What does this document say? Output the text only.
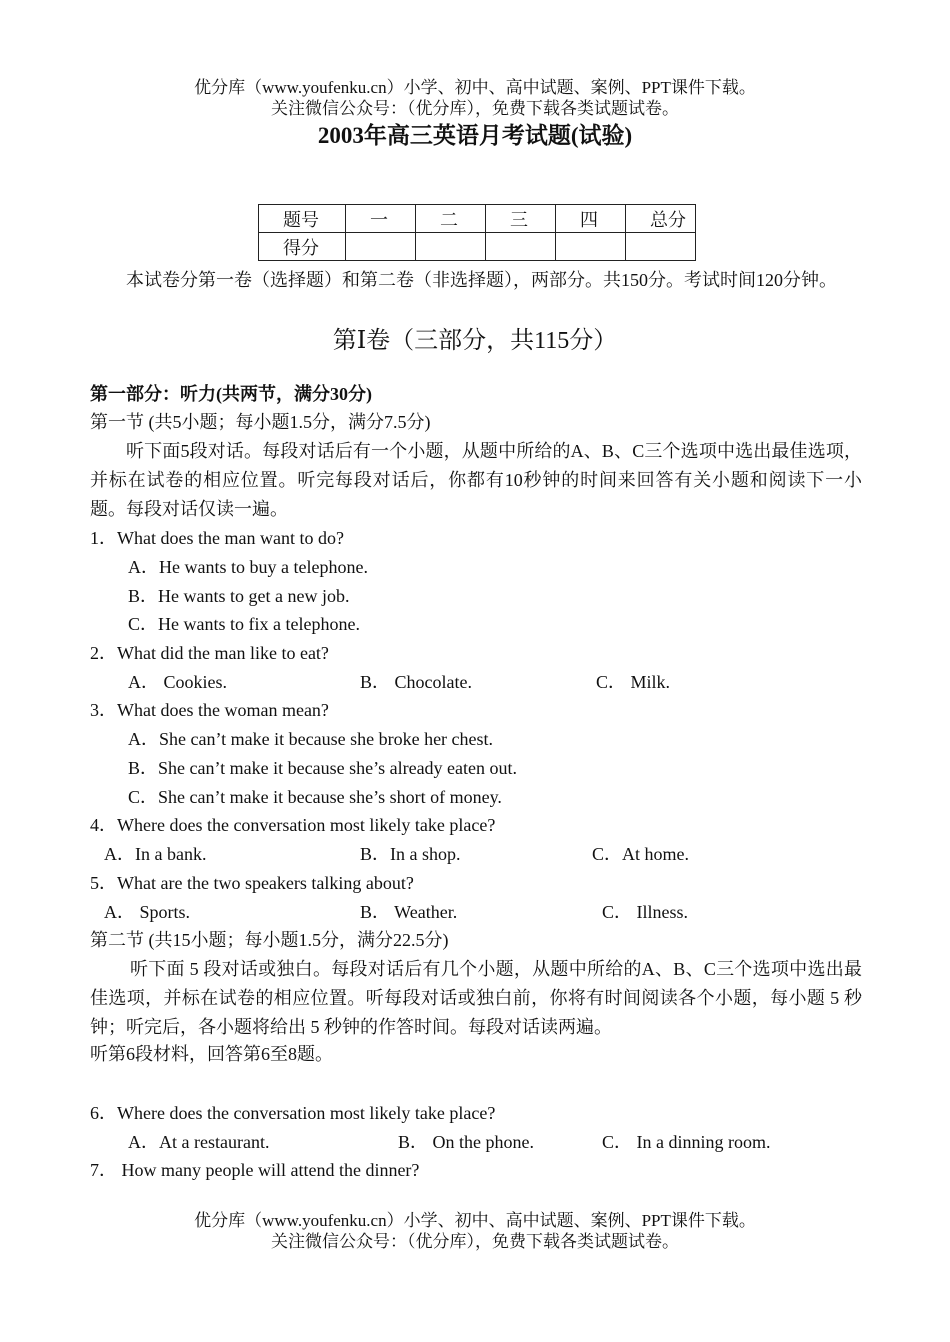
优分库（www.youfenku.cn）小学、初中、高中试题、案例、PPT课件下载。
关注微信公众号：（优分库），免费下载各类试题试卷。
2003年高三英语月考试题(试验)
题号	一	二	三	四	总分
得分					
本试卷分第一卷（选择题）和第二卷（非选择题），两部分。共150分。考试时间120分钟。
第Ⅰ卷（三部分，共115分）
第一部分：听力(共两节，满分30分)
第一节 (共5小题；每小题1.5分，满分7.5分)
听下面5段对话。每段对话后有一个小题，从题中所给的A、B、C三个选项中选出最佳选项，并标在试卷的相应位置。听完每段对话后，你都有10秒钟的时间来回答有关小题和阅读下一小题。每段对话仅读一遍。
1．What does the man want to do?
A．He wants to buy a telephone.
B．He wants to get a new job.
C．He wants to fix a telephone.
2．What did the man like to eat?
A． Cookies.	B． Chocolate.	C． Milk.
3．What does the woman mean?
A．She can’t make it because she broke her chest.
B．She can’t make it because she’s already eaten out.
C．She can’t make it because she’s short of money.
4．Where does the conversation most likely take place?
A．In a bank.	B．In a shop.	C．At home.
5．What are the two speakers talking about?
A． Sports.	B． Weather.	C． Illness.
第二节 (共15小题；每小题1.5分，满分22.5分)
听下面 5 段对话或独白。每段对话后有几个小题，从题中所给的A、B、C三个选项中选出最佳选项，并标在试卷的相应位置。听每段对话或独白前，你将有时间阅读各个小题，每小题 5 秒钟；听完后，各小题将给出 5 秒钟的作答时间。每段对话读两遍。
听第6段材料，回答第6至8题。
6．Where does the conversation most likely take place?
A．At a restaurant.	B． On the phone.	C． In a dinning room.
7． How many people will attend the dinner?
优分库（www.youfenku.cn）小学、初中、高中试题、案例、PPT课件下载。
关注微信公众号：（优分库），免费下载各类试题试卷。
